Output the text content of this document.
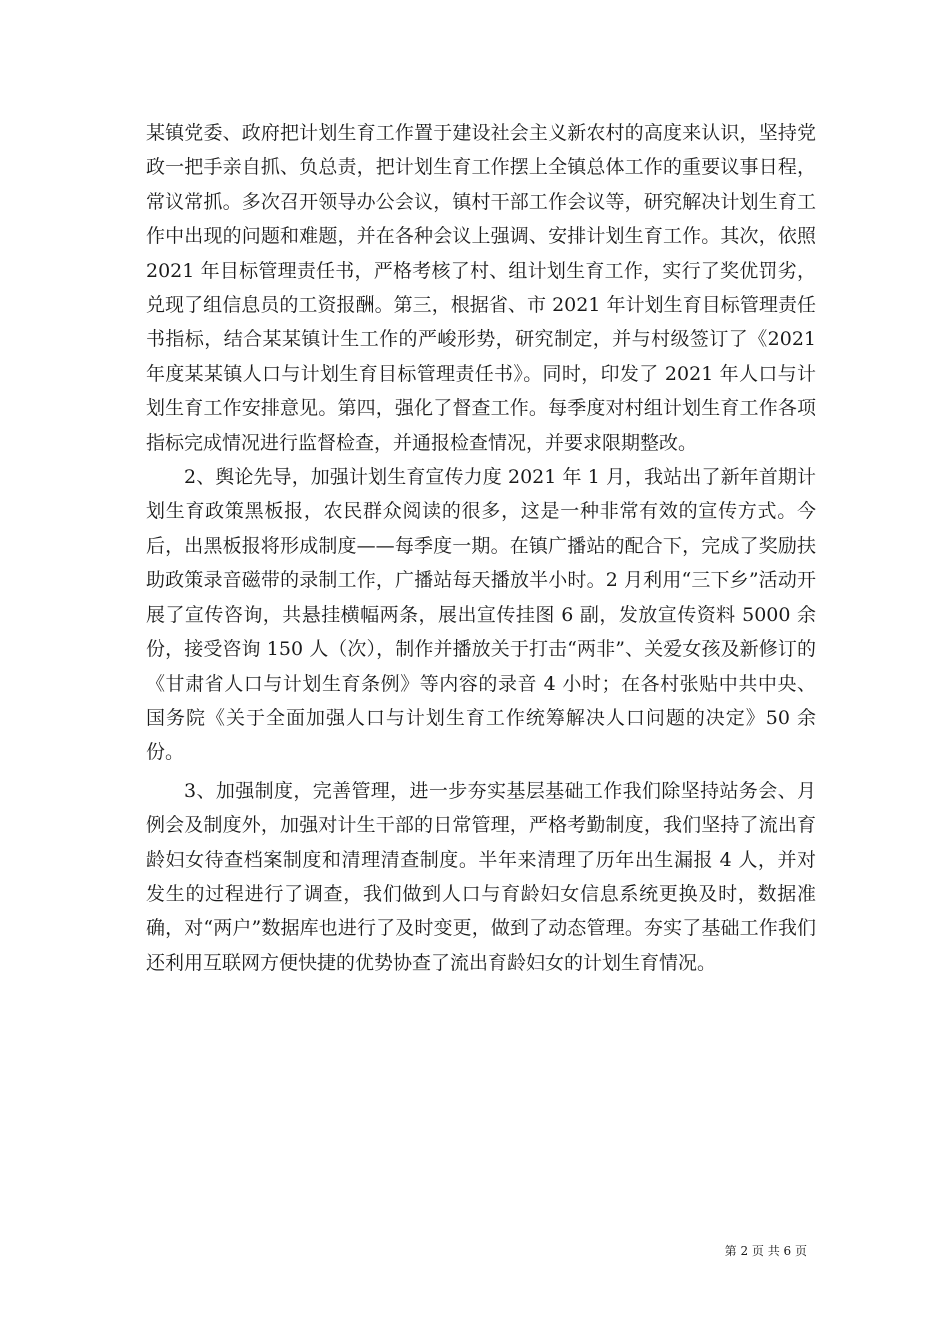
某镇党委、政府把计划生育工作置于建设社会主义新农村的高度来认识，坚持党政一把手亲自抓、负总责，把计划生育工作摆上全镇总体工作的重要议事日程，常议常抓。多次召开领导办公会议，镇村干部工作会议等，研究解决计划生育工作中出现的问题和难题，并在各种会议上强调、安排计划生育工作。其次，依照 2021 年目标管理责任书，严格考核了村、组计划生育工作，实行了奖优罚劣，兑现了组信息员的工资报酬。第三，根据省、市 2021 年计划生育目标管理责任书指标，结合某某镇计生工作的严峻形势，研究制定，并与村级签订了《2021 年度某某镇人口与计划生育目标管理责任书》。同时，印发了 2021 年人口与计划生育工作安排意见。第四，强化了督查工作。每季度对村组计划生育工作各项指标完成情况进行监督检查，并通报检查情况，并要求限期整改。

2、舆论先导，加强计划生育宣传力度 2021 年 1 月，我站出了新年首期计划生育政策黑板报，农民群众阅读的很多，这是一种非常有效的宣传方式。今后，出黑板报将形成制度——每季度一期。在镇广播站的配合下，完成了奖励扶助政策录音磁带的录制工作，广播站每天播放半小时。2 月利用“三下乡”活动开展了宣传咨询，共悬挂横幅两条，展出宣传挂图 6 副，发放宣传资料 5000 余份，接受咨询 150 人（次），制作并播放关于打击“两非”、关爱女孩及新修订的《甘肃省人口与计划生育条例》等内容的录音 4 小时；在各村张贴中共中央、国务院《关于全面加强人口与计划生育工作统筹解决人口问题的决定》50 余份。

3、加强制度，完善管理，进一步夯实基层基础工作我们除坚持站务会、月例会及制度外，加强对计生干部的日常管理，严格考勤制度，我们坚持了流出育龄妇女待查档案制度和清理清查制度。半年来清理了历年出生漏报 4 人，并对发生的过程进行了调查，我们做到人口与育龄妇女信息系统更换及时，数据准确，对“两户”数据库也进行了及时变更，做到了动态管理。夯实了基础工作我们还利用互联网方便快捷的优势协查了流出育龄妇女的计划生育情况。

第 2 页 共 6 页
